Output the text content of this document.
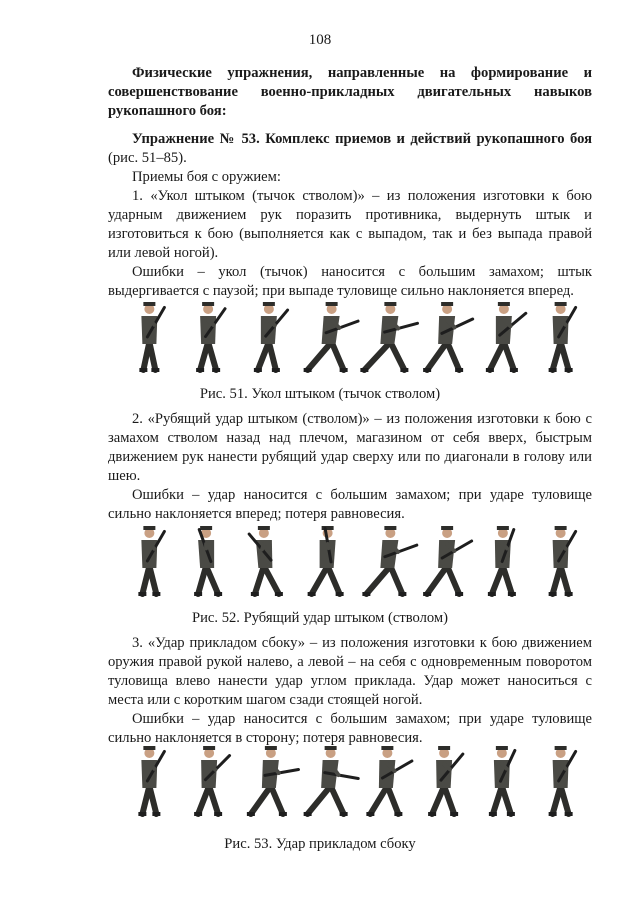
108
Физические упражнения, направленные на формирование и совершенствование военно-прикладных двигательных навыков рукопашного боя:

Упражнение № 53. Комплекс приемов и действий рукопашного боя (рис. 51–85).

Приемы боя с оружием:

1. «Укол штыком (тычок стволом)» – из положения изготовки к бою ударным движением рук поразить противника, выдернуть штык и изготовиться к бою (выполняется как с выпадом, так и без выпада правой или левой ногой).

Ошибки – укол (тычок) наносится с большим замахом; штык выдергивается с паузой; при выпаде туловище сильно наклоняется вперед.

Рис. 51. Укол штыком (тычок стволом)

2. «Рубящий удар штыком (стволом)» – из положения изготовки к бою с замахом стволом назад над плечом, магазином от себя вверх, быстрым движением рук нанести рубящий удар сверху или по диагонали в голову или шею.

Ошибки – удар наносится с большим замахом; при ударе туловище сильно наклоняется вперед; потеря равновесия.

Рис. 52. Рубящий удар штыком (стволом)

3. «Удар прикладом сбоку» – из положения изготовки к бою движением оружия правой рукой налево, а левой – на себя с одновременным поворотом туловища влево нанести удар углом приклада. Удар может наноситься с места или с коротким шагом сзади стоящей ногой.

Ошибки – удар наносится с большим замахом; при ударе туловище сильно наклоняется в сторону; потеря равновесия.

Рис. 53. Удар прикладом сбоку
